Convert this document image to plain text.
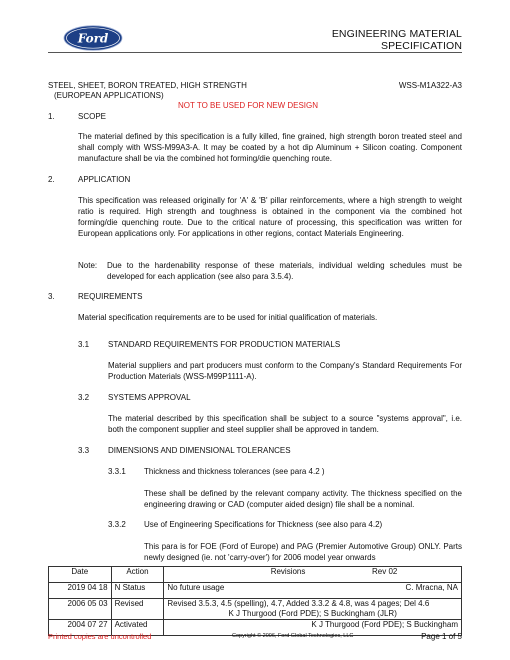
Ford	ENGINEERING MATERIAL SPECIFICATION
STEEL, SHEET, BORON TREATED, HIGH STRENGTH
(EUROPEAN APPLICATIONS)
WSS-M1A322-A3
NOT TO BE USED FOR NEW DESIGN
1.	SCOPE
The material defined by this specification is a fully killed, fine grained, high strength boron treated steel and shall comply with WSS-M99A3-A. It may be coated by a hot dip Aluminum + Silicon coating. Component manufacture shall be via the combined hot forming/die quenching route.
2.	APPLICATION
This specification was released originally for 'A' & 'B' pillar reinforcements, where a high strength to weight ratio is required. High strength and toughness is obtained in the component via the combined hot forming/die quenching route. Due to the critical nature of processing, this specification was written for European applications only. For applications in other regions, contact Materials Engineering.
Note: Due to the hardenability response of these materials, individual welding schedules must be developed for each application (see also para 3.5.4).
3.	REQUIREMENTS
Material specification requirements are to be used for initial qualification of materials.
3.1 STANDARD REQUIREMENTS FOR PRODUCTION MATERIALS
Material suppliers and part producers must conform to the Company's Standard Requirements For Production Materials (WSS-M99P1111-A).
3.2 SYSTEMS APPROVAL
The material described by this specification shall be subject to a source "systems approval", i.e. both the component supplier and steel supplier shall be approved in tandem.
3.3 DIMENSIONS AND DIMENSIONAL TOLERANCES
3.3.1 Thickness and thickness tolerances (see para 4.2 )
These shall be defined by the relevant company activity. The thickness specified on the engineering drawing or CAD (computer aided design) file shall be a nominal.
3.3.2 Use of Engineering Specifications for Thickness (see also para 4.2)
This para is for FOE (Ford of Europe) and PAG (Premier Automotive Group) ONLY. Parts newly designed (ie. not 'carry-over') for 2006 model year onwards
Date	Action	Revisions	Rev 02
2019 04 18	N Status	No future usage	C. Mracna, NA
2006 05 03	Revised	Revised 3.5.3, 4.5 (spelling), 4.7, Added 3.3.2 & 4.8, was 4 pages; Del 4.6

K J Thurgood (Ford PDE); S Buckingham (JLR)	

2004 07 27	Activated		K J Thurgood (Ford PDE); S Buckingham
Printed copies are uncontrolled	Copyright © 2006, Ford Global Technologies, LLC	Page 1 of 5
